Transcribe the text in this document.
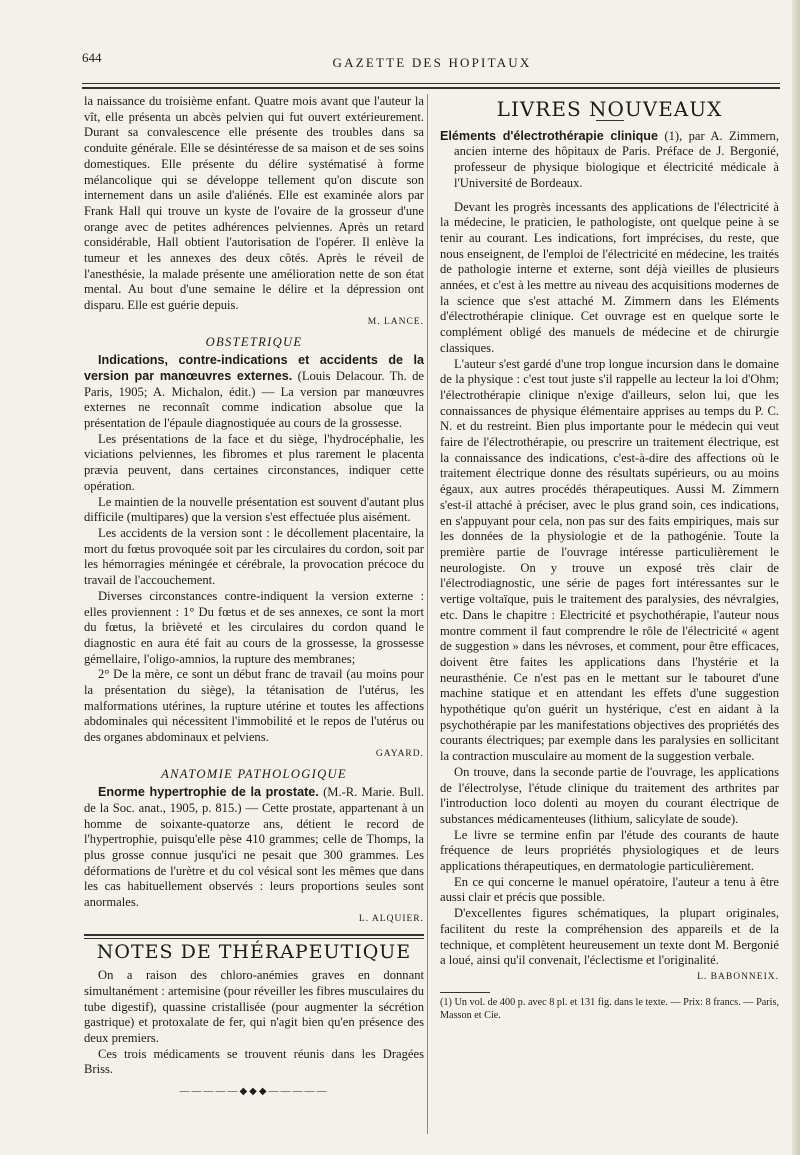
644	GAZETTE DES HOPITAUX

la naissance du troisième enfant. Quatre mois avant que l'auteur la vît, elle présenta un abcès pelvien qui fut ouvert extérieurement. Durant sa convalescence elle présente des troubles dans sa conduite générale. Elle se désintéresse de sa maison et de ses soins domestiques. Elle présente du délire systématisé à forme mélancolique qui se développe tellement qu'on discute son internement dans un asile d'aliénés. Elle est examinée alors par Frank Hall qui trouve un kyste de l'ovaire de la grosseur d'une orange avec de petites adhérences pelviennes. Après un retard considérable, Hall obtient l'autorisation de l'opérer. Il enlève la tumeur et les annexes des deux côtés. Après le réveil de l'anesthésie, la malade présente une amélioration nette de son état mental. Au bout d'une semaine le délire et la dépression ont disparu. Elle est guérie depuis.

M. LANCE.
OBSTETRIQUE

Indications, contre-indications et accidents de la version par manœuvres externes. (Louis Delacour. Th. de Paris, 1905; A. Michalon, édit.) — La version par manœuvres externes ne reconnaît comme indication absolue que la présentation de l'épaule diagnostiquée au cours de la grossesse.

Les présentations de la face et du siège, l'hydrocéphalie, les viciations pelviennes, les fibromes et plus rarement le placenta prævia peuvent, dans certaines circonstances, indiquer cette opération.

Le maintien de la nouvelle présentation est souvent d'autant plus difficile (multipares) que la version s'est effectuée plus aisément.

Les accidents de la version sont : le décollement placentaire, la mort du fœtus provoquée soit par les circulaires du cordon, soit par les hémorragies méningée et cérébrale, la provocation précoce du travail de l'accouchement.

Diverses circonstances contre-indiquent la version externe : elles proviennent : 1° Du fœtus et de ses annexes, ce sont la mort du fœtus, la brièveté et les circulaires du cordon quand le diagnostic en aura été fait au cours de la grossesse, la grossesse gémellaire, l'oligo-amnios, la rupture des membranes;

2° De la mère, ce sont un début franc de travail (au moins pour la présentation du siège), la tétanisation de l'utérus, les malformations utérines, la rupture utérine et toutes les affections abdominales qui nécessitent l'immobilité et le repos de l'utérus ou des organes abdominaux et pelviens.

GAYARD.
ANATOMIE PATHOLOGIQUE

Enorme hypertrophie de la prostate. (M.-R. Marie. Bull. de la Soc. anat., 1905, p. 815.) — Cette prostate, appartenant à un homme de soixante-quatorze ans, détient le record de l'hypertrophie, puisqu'elle pèse 410 grammes; celle de Thomps, la plus grosse connue jusqu'ici ne pesait que 300 grammes. Les déformations de l'urètre et du col vésical sont les mêmes que dans les cas habituellement observés : leurs proportions seules sont anormales.

L. ALQUIER.
NOTES DE THÉRAPEUTIQUE

On a raison des chloro-anémies graves en donnant simultanément : artemisine (pour réveiller les fibres musculaires du tube digestif), quassine cristallisée (pour augmenter la sécrétion gastrique) et protoxalate de fer, qui n'agit bien qu'en présence des deux premiers.

Ces trois médicaments se trouvent réunis dans les Dragées Briss.

—————◆◆◆—————
LIVRES NOUVEAUX

Eléments d'électrothérapie clinique (1), par A. Zimmern, ancien interne des hôpitaux de Paris. Préface de J. Bergonié, professeur de physique biologique et électricité médicale à l'Université de Bordeaux.

Devant les progrès incessants des applications de l'électricité à la médecine, le praticien, le pathologiste, ont quelque peine à se tenir au courant. Les indications, fort imprécises, du reste, que nous enseignent, de l'emploi de l'électricité en médecine, les traités de pathologie interne et externe, sont déjà vieilles de plusieurs années, et c'est à les mettre au niveau des acquisitions modernes de la science que s'est attaché M. Zimmern dans les Eléments d'électrothérapie clinique. Cet ouvrage est en quelque sorte le complément obligé des manuels de médecine et de chirurgie classiques.

L'auteur s'est gardé d'une trop longue incursion dans le domaine de la physique : c'est tout juste s'il rappelle au lecteur la loi d'Ohm; l'électrothérapie clinique n'exige d'ailleurs, selon lui, que les connaissances de physique élémentaire apprises au temps du P. C. N. et du restreint. Bien plus importante pour le médecin qui veut faire de l'électrothérapie, ou prescrire un traitement électrique, est la connaissance des indications, c'est-à-dire des affections où le traitement électrique donne des résultats supérieurs, ou au moins égaux, aux autres procédés thérapeutiques. Aussi M. Zimmern s'est-il attaché à préciser, avec le plus grand soin, ces indications, en s'appuyant pour cela, non pas sur des faits empiriques, mais sur les données de la physiologie et de la pathogénie. Toute la première partie de l'ouvrage intéresse particulièrement le neurologiste. On y trouve un exposé très clair de l'électrodiagnostic, une série de pages fort intéressantes sur le vertige voltaïque, puis le traitement des paralysies, des névralgies, etc. Dans le chapitre : Electricité et psychothérapie, l'auteur nous montre comment il faut comprendre le rôle de l'électricité « agent de suggestion » dans les névroses, et comment, pour être efficaces, doivent être faites les applications dans l'hystérie et la neurasthénie. Ce n'est pas en le mettant sur le tabouret d'une machine statique et en attendant les effets d'une suggestion hypothétique qu'on guérit un hystérique, c'est en aidant à la psychothérapie par les manifestations objectives des propriétés des courants électriques; par exemple dans les paralysies en sollicitant la contraction musculaire au moment de la suggestion verbale.

On trouve, dans la seconde partie de l'ouvrage, les applications de l'électrolyse, l'étude clinique du traitement des arthrites par l'introduction loco dolenti au moyen du courant électrique de substances médicamenteuses (lithium, salicylate de soude).

Le livre se termine enfin par l'étude des courants de haute fréquence de leurs propriétés physiologiques et de leurs applications thérapeutiques, en dermatologie particulièrement.

En ce qui concerne le manuel opératoire, l'auteur a tenu à être aussi clair et précis que possible.

D'excellentes figures schématiques, la plupart originales, facilitent du reste la compréhension des appareils et de la technique, et complètent heureusement un texte dont M. Bergonié a loué, ainsi qu'il convenait, l'éclectisme et l'originalité.

L. BABONNEIX.

(1) Un vol. de 400 p. avec 8 pl. et 131 fig. dans le texte. — Prix: 8 francs. — Paris, Masson et Cie.
